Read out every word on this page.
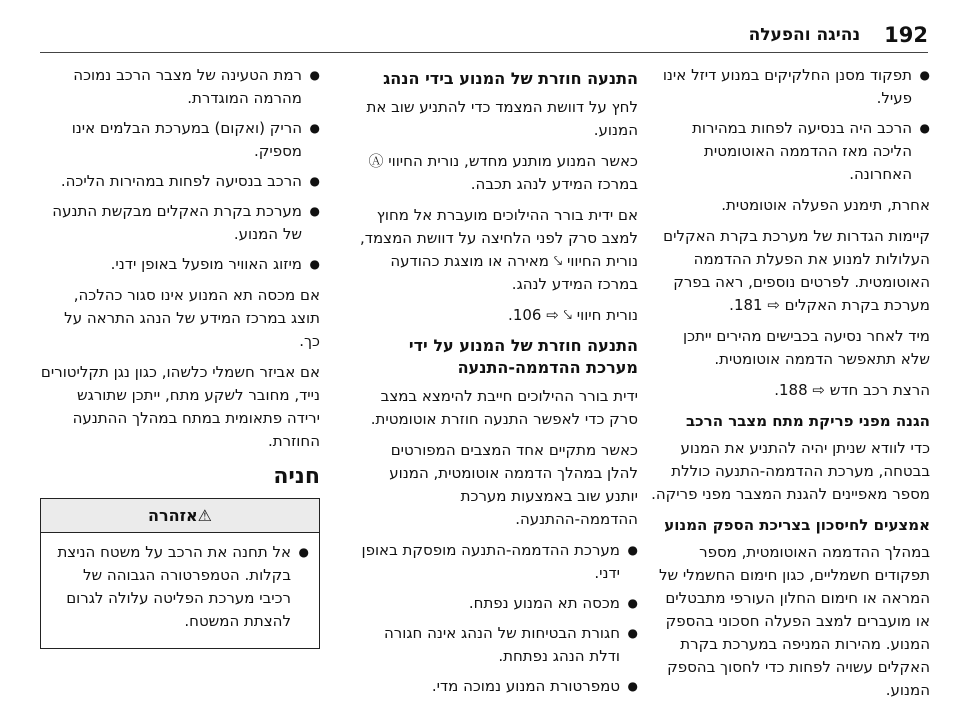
192
נהיגה והפעלה
● תפקוד מסנן החלקיקים במנוע דיזל אינו פעיל.
● הרכב היה בנסיעה לפחות במהירות הליכה מאז ההדממה האוטומטית האחרונה.

אחרת, תימנע הפעלה אוטומטית.

קיימות הגדרות של מערכת בקרת האקלים העלולות למנוע את הפעלת ההדממה האוטומטית. לפרטים נוספים, ראה בפרק מערכת בקרת האקלים ⇨ 181.

מיד לאחר נסיעה בכבישים מהירים ייתכן שלא תתאפשר הדממה אוטומטית.

הרצת רכב חדש ⇨ 188.

הגנה מפני פריקת מתח מצבר הרכב

כדי לוודא שניתן יהיה להתניע את המנוע בבטחה, מערכת ההדממה-התנעה כוללת מספר מאפיינים להגנת המצבר מפני פריקה.

אמצעים לחיסכון בצריכת הספק המנוע

במהלך ההדממה האוטומטית, מספר תפקודים חשמליים, כגון חימום החשמלי של המראה או חימום החלון העורפי מתבטלים או מועברים למצב הפעלה חסכוני בהספק המנוע. מהירות המניפה במערכת בקרת האקלים עשויה לפחות כדי לחסוך בהספק המנוע.

התנעה חוזרת של המנוע בידי הנהג

לחץ על דוושת המצמד כדי להתניע שוב את המנוע.

כאשר המנוע מותנע מחדש, נורית החיווי Ⓐ במרכז המידע לנהג תכבה.

אם ידית בורר ההילוכים מועברת אל מחוץ למצב סרק לפני הלחיצה על דוושת המצמד, נורית החיווי ⤥ מאירה או מוצגת כהודעה במרכז המידע לנהג.

נורית חיווי ⤥ ⇨ 106.

התנעה חוזרת של המנוע על ידי מערכת ההדממה-התנעה

ידית בורר ההילוכים חייבת להימצא במצב סרק כדי לאפשר התנעה חוזרת אוטומטית.

כאשר מתקיים אחד המצבים המפורטים להלן במהלך הדממה אוטומטית, המנוע יותנע שוב באמצעות מערכת ההדממה-ההתנעה.

● מערכת ההדממה-התנעה מופסקת באופן ידני.
● מכסה תא המנוע נפתח.
● חגורת הבטיחות של הנהג אינה חגורה ודלת הנהג נפתחת.
● טמפרטורת המנוע נמוכה מדי.
● רמת הטעינה של מצבר הרכב נמוכה מהרמה המוגדרת.
● הריק (ואקום) במערכת הבלמים אינו מספיק.
● הרכב בנסיעה לפחות במהירות הליכה.
● מערכת בקרת האקלים מבקשת התנעה של המנוע.
● מיזוג האוויר מופעל באופן ידני.

אם מכסה תא המנוע אינו סגור כהלכה, תוצג במרכז המידע של הנהג התראה על כך.

אם אביזר חשמלי כלשהו, כגון נגן תקליטורים נייד, מחובר לשקע מתח, ייתכן שתורגש ירידה פתאומית במתח במהלך ההתנעה החוזרת.

חניה
⚠אזהרה
● אל תחנה את הרכב על משטח הניצת בקלות. הטמפרטורה הגבוהה של רכיבי מערכת הפליטה עלולה לגרום להצתת המשטח.
